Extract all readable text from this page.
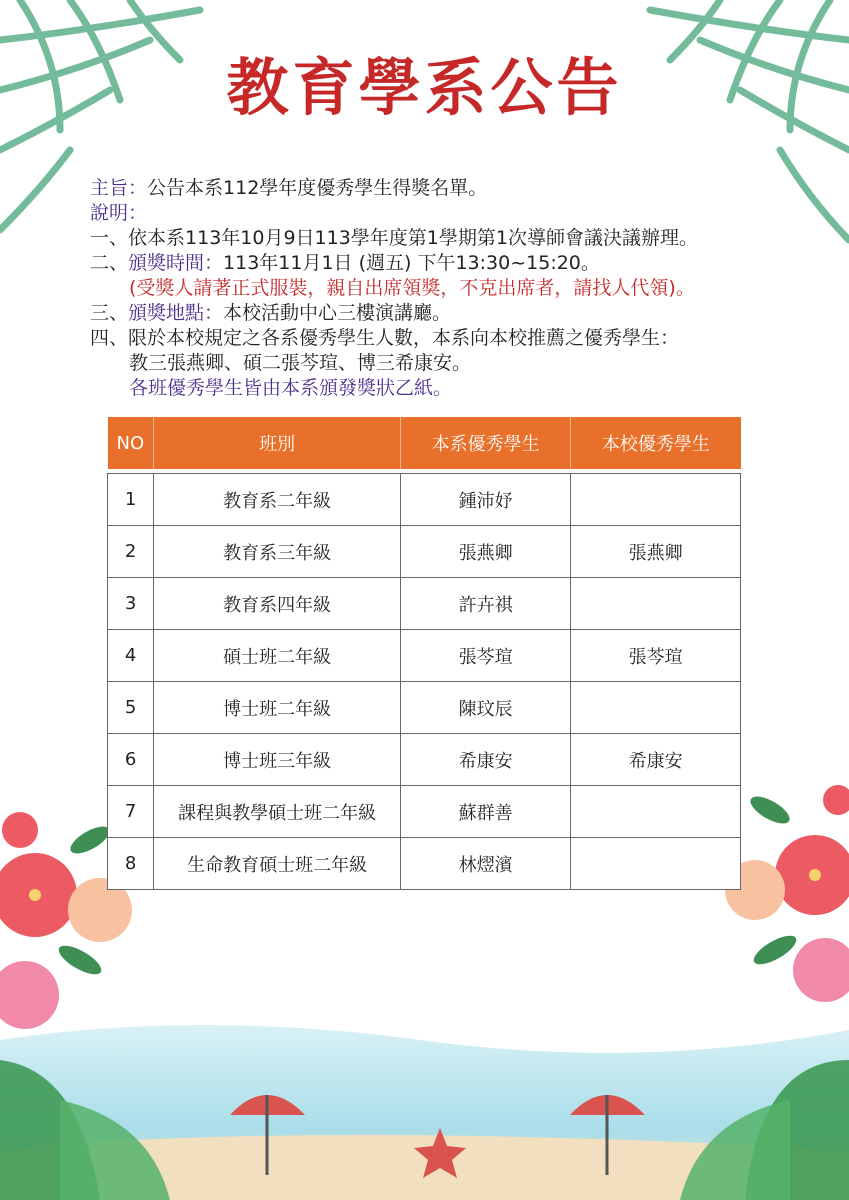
教育學系公告
主旨：公告本系112學年度優秀學生得獎名單。
說明：
一、依本系113年10月9日113學年度第1學期第1次導師會議決議辦理。
二、頒獎時間：113年11月1日 (週五) 下午13:30~15:20。
(受獎人請著正式服裝，親自出席領獎，不克出席者，請找人代領)。
三、頒獎地點：本校活動中心三樓演講廳。
四、限於本校規定之各系優秀學生人數，本系向本校推薦之優秀學生：
教三張燕卿、碩二張芩瑄、博三希康安。
各班優秀學生皆由本系頒發獎狀乙紙。
NO	班別	本系優秀學生	本校優秀學生

1	教育系二年級	鍾沛妤	
2	教育系三年級	張燕卿	張燕卿
3	教育系四年級	許卉祺	
4	碩士班二年級	張芩瑄	張芩瑄
5	博士班二年級	陳玟辰	
6	博士班三年級	希康安	希康安
7	課程與教學碩士班二年級	蘇群善	
8	生命教育碩士班二年級	林熤濱	
